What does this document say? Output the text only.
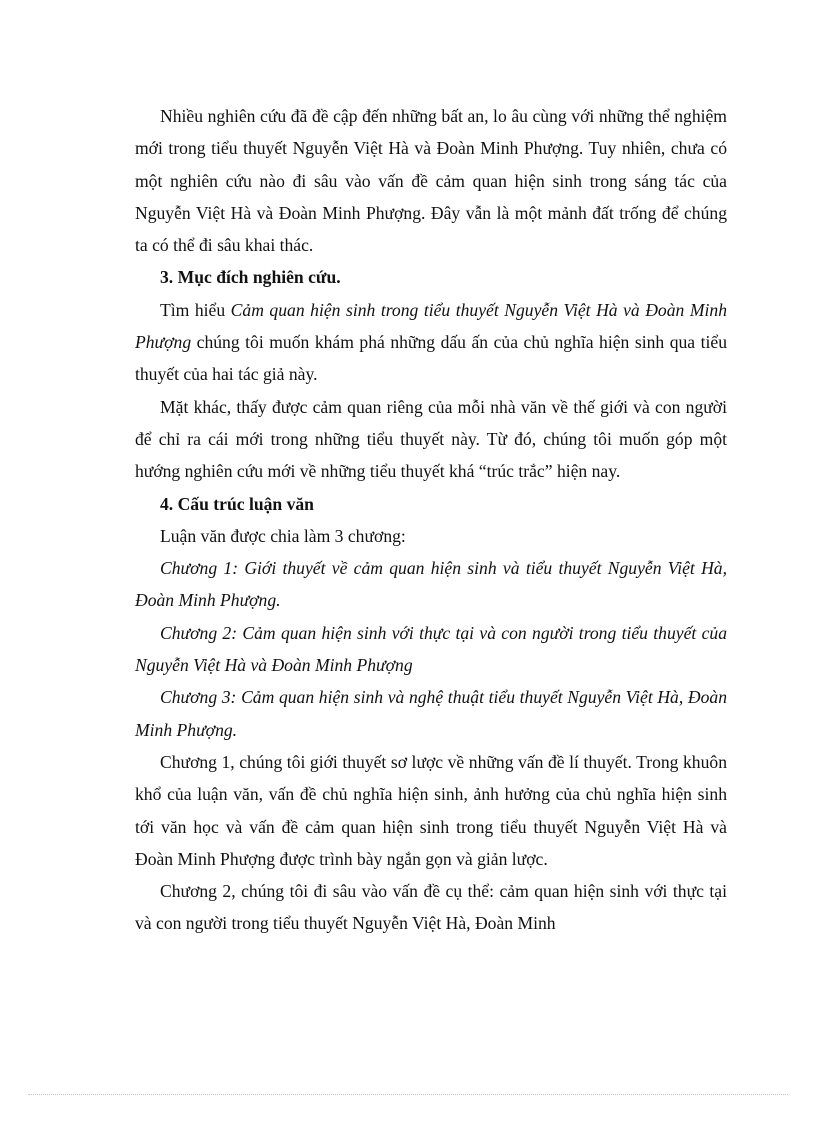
Nhiều nghiên cứu đã đề cập đến những bất an, lo âu cùng với những thể nghiệm mới trong tiểu thuyết Nguyễn Việt Hà và Đoàn Minh Phượng. Tuy nhiên, chưa có một nghiên cứu nào đi sâu vào vấn đề cảm quan hiện sinh trong sáng tác của Nguyễn Việt Hà và Đoàn Minh Phượng. Đây vẫn là một mảnh đất trống để chúng ta có thể đi sâu khai thác.

3. Mục đích nghiên cứu.

Tìm hiểu Cảm quan hiện sinh trong tiểu thuyết Nguyễn Việt Hà và Đoàn Minh Phượng chúng tôi muốn khám phá những dấu ấn của chủ nghĩa hiện sinh qua tiểu thuyết của hai tác giả này.

Mặt khác, thấy được cảm quan riêng của mỗi nhà văn về thế giới và con người để chỉ ra cái mới trong những tiểu thuyết này. Từ đó, chúng tôi muốn góp một hướng nghiên cứu mới về những tiểu thuyết khá “trúc trắc” hiện nay.

4. Cấu trúc luận văn

Luận văn được chia làm 3 chương:

Chương 1: Giới thuyết về cảm quan hiện sinh và tiểu thuyết Nguyễn Việt Hà, Đoàn Minh Phượng.

Chương 2: Cảm quan hiện sinh với thực tại và con người trong tiểu thuyết của Nguyễn Việt Hà và Đoàn Minh Phượng

Chương 3: Cảm quan hiện sinh và nghệ thuật tiểu thuyết Nguyễn Việt Hà, Đoàn Minh Phượng.

Chương 1, chúng tôi giới thuyết sơ lược về những vấn đề lí thuyết. Trong khuôn khổ của luận văn, vấn đề chủ nghĩa hiện sinh, ảnh hưởng của chủ nghĩa hiện sinh tới văn học và vấn đề cảm quan hiện sinh trong tiểu thuyết Nguyễn Việt Hà và Đoàn Minh Phượng được trình bày ngắn gọn và giản lược.

Chương 2, chúng tôi đi sâu vào vấn đề cụ thể: cảm quan hiện sinh với thực tại và con người trong tiểu thuyết Nguyễn Việt Hà, Đoàn Minh
